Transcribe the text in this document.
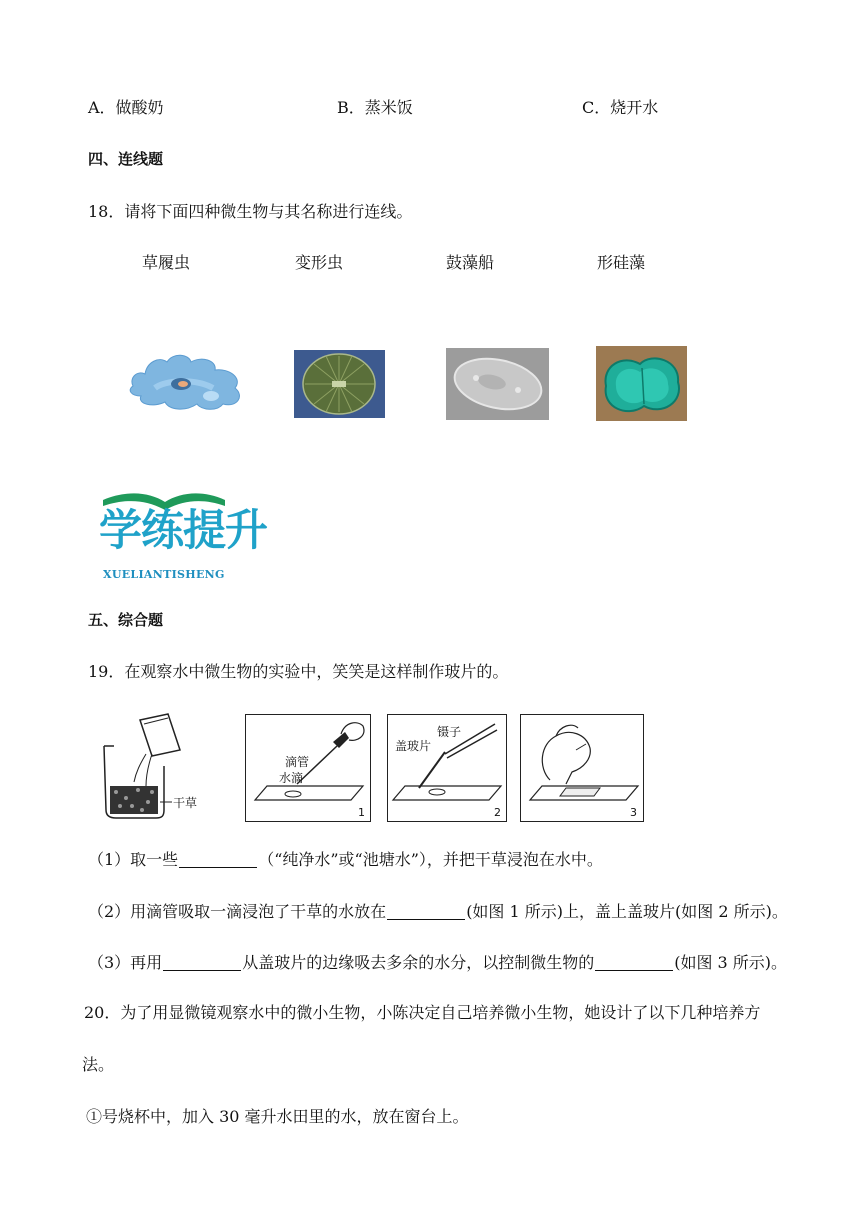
A．做酸奶	B．蒸米饭	C．烧开水
四、连线题
18．请将下面四种微生物与其名称进行连线。
草履虫	变形虫	鼓藻船	形硅藻
学练提升
XUELIANTISHENG
五、综合题
19．在观察水中微生物的实验中，笑笑是这样制作玻片的。
干草
滴管
水滴
1
盖玻片
镊子
2	3
（1）取一些	（“纯净水”或“池塘水”），并把干草浸泡在水中。
（2）用滴管吸取一滴浸泡了干草的水放在	(如图 1 所示)上，盖上盖玻片(如图 2 所示)。
（3）再用	从盖玻片的边缘吸去多余的水分，以控制微生物的	(如图 3 所示)。
20．为了用显微镜观察水中的微小生物，小陈决定自己培养微小生物，她设计了以下几种培养方
法。
①号烧杯中，加入 30 毫升水田里的水，放在窗台上。
